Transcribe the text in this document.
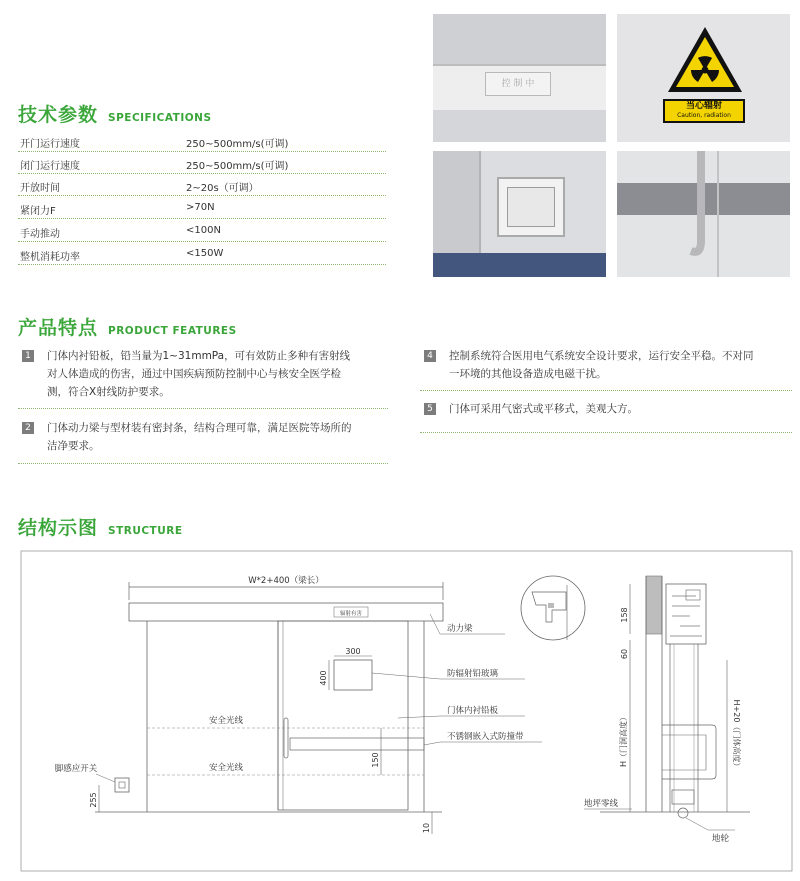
技术参数 SPECIFICATIONS
开门运行速度	250~500mm/s(可调)
闭门运行速度	250~500mm/s(可调)
开放时间	2~20s（可调）
紧闭力F	>70N
手动推动	<100N
整机消耗功率	<150W
控 制 中
当心辐射
Caution, radiation
产品特点 PRODUCT FEATURES
1 门体内衬铅板，铅当量为1~31mmPa，可有效防止多种有害射线
对人体造成的伤害，通过中国疾病预防控制中心与核安全医学检
测，符合X射线防护要求。
2 门体动力梁与型材装有密封条，结构合理可靠，满足医院等场所的
洁净要求。
4 控制系统符合医用电气系统安全设计要求，运行安全平稳。不对同
一环境的其他设备造成电磁干扰。
5 门体可采用气密式或平移式，美观大方。
结构示图 STRUCTURE
W*2+400（梁长）
辐射有害
300
400
安全光线
安全光线
150
10
脚感应开关
255
动力梁
防辐射铅玻璃
门体内衬铅板
不锈钢嵌入式防撞带
158
60
H（门洞高度）	H+20（门体高度）
地坪零线
地轮
